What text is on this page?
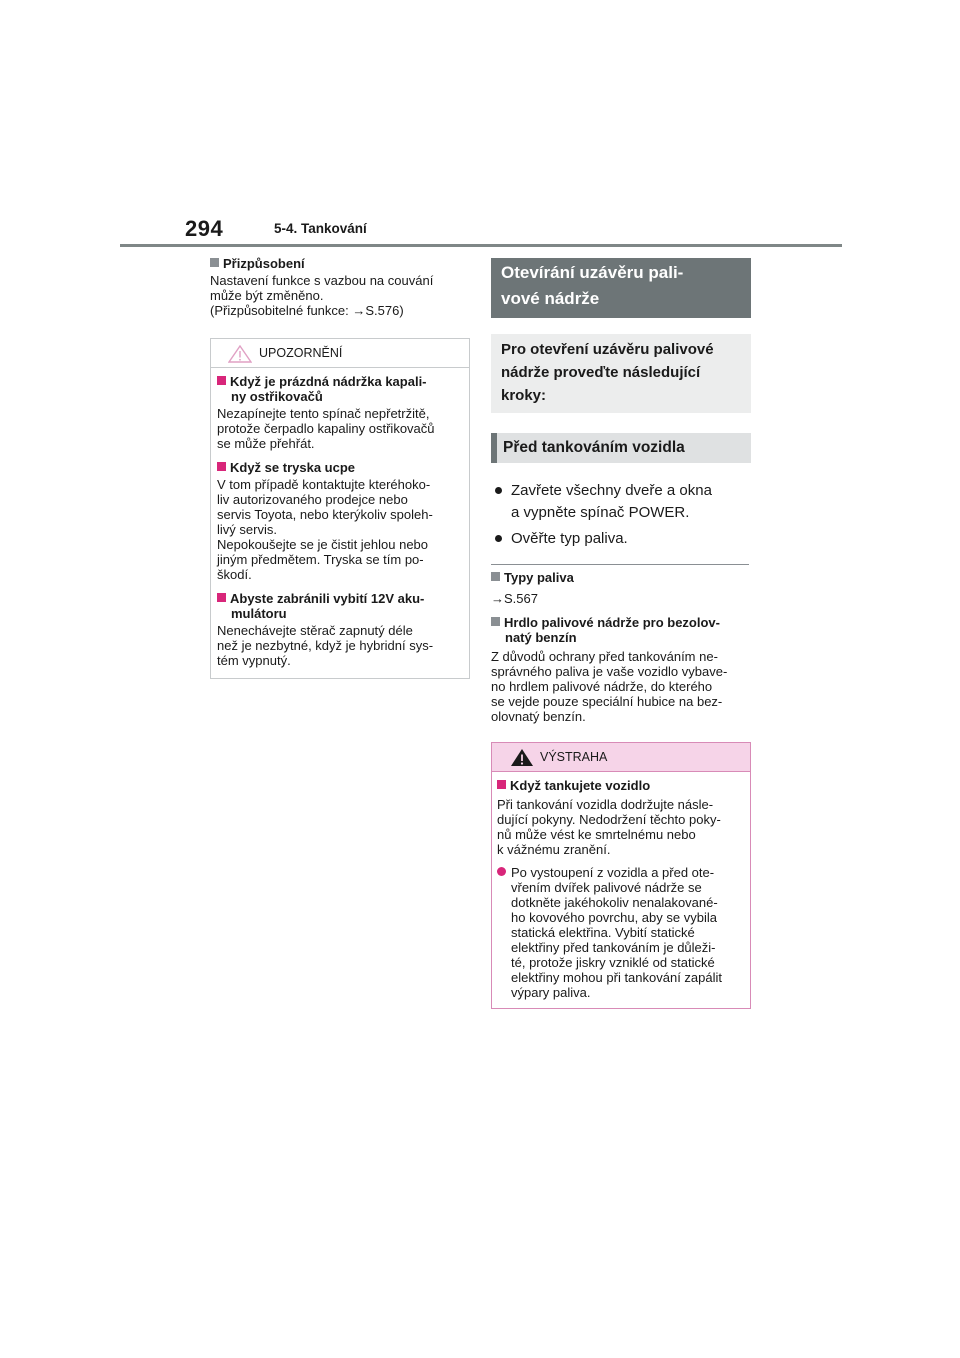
294	5-4. Tankování
Přizpůsobení
Nastavení funkce s vazbou na couvání
může být změněno.
(Přizpůsobitelné funkce: →S.576)
UPOZORNĚNÍ
Když je prázdná nádržka kapali-
ny ostřikovačů
Nezapínejte tento spínač nepřetržitě,
protože čerpadlo kapaliny ostřikovačů
se může přehřát.
Když se tryska ucpe
V tom případě kontaktujte kteréhoko-
liv autorizovaného prodejce nebo
servis Toyota, nebo kterýkoliv spoleh-
livý servis.
Nepokoušejte se je čistit jehlou nebo
jiným předmětem. Tryska se tím po-
škodí.
Abyste zabránili vybití 12V aku-
mulátoru
Nenechávejte stěrač zapnutý déle
než je nezbytné, když je hybridní sys-
tém vypnutý.
Otevírání uzávěru pali-
vové nádrže
Pro otevření uzávěru palivové
nádrže proveďte následující
kroky:
Před tankováním vozidla
Zavřete všechny dveře a okna
a vypněte spínač POWER.
Ověřte typ paliva.
Typy paliva
→S.567
Hrdlo palivové nádrže pro bezolov-
natý benzín
Z důvodů ochrany před tankováním ne-
správného paliva je vaše vozidlo vybave-
no hrdlem palivové nádrže, do kterého
se vejde pouze speciální hubice na bez-
olovnatý benzín.
VÝSTRAHA
Když tankujete vozidlo
Při tankování vozidla dodržujte násle-
dující pokyny. Nedodržení těchto poky-
nů může vést ke smrtelnému nebo
k vážnému zranění.
Po vystoupení z vozidla a před ote-
vřením dvířek palivové nádrže se
dotkněte jakéhokoliv nenalakované-
ho kovového povrchu, aby se vybila
statická elektřina. Vybití statické
elektřiny před tankováním je důleži-
té, protože jiskry vzniklé od statické
elektřiny mohou při tankování zapálit
výpary paliva.
